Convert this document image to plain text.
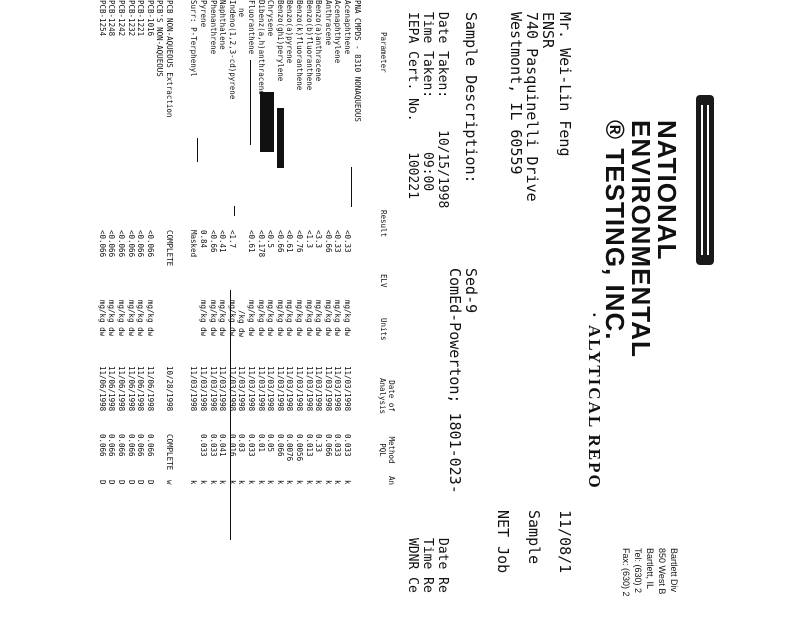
NATIONAL
ENVIRONMENTAL
® TESTING, INC.
Bartlett Div
850 West B
Bartlett, IL
Tel: (630) 2
Fax: (630) 2
· ALYTICAL REPO
Mr. Wei-Lin Feng
ENSR
740 Pasquinelli Drive
Westmont, IL 60559
11/08/1
Sample
NET Job
Sample Description:
Sed-9
ComEd-Powerton; 1801-023-
Date Taken:
10/15/1998
Time Taken:
09:00
IEPA Cert. No.
100221
Date Re
Time Re
WDNR Ce
Parameter
Result
ELV
Units
Date of Analysis
Method PQL
An
PNA CMPDS - 8310 NONAQUEOUS
Acenaphthene
Acenaphthylene
Anthracene
Benzo(a)anthracene
Benzo(b)fluoranthene
Benzo(k)fluoranthene
Benzo(a)pyrene
Benzo(ghi)perylene
Chrysene
Dibenz(a,h)anthracene
Fluoranthene
ne
Indeno(1,2,3-cd)pyrene
Naphthalene
Phenanthrene
Pyrene
Surr: P-Terphenyl
<0.33
<0.33
<0.66
<3.3
<1.3
<0.76
<0.61
<0.66
<0.5
<0.178
<0.61
<1.7
<0.41
<0.66
0.84
Masked
mg/kg dw
mg/kg dw
mg/kg dw
mg/kg dw
mg/kg dw
mg/kg dw
mg/kg dw
mg/kg dw
mg/kg dw
mg/kg dw
mg/kg dw
/kg dw
mg/kg dw
mg/kg dw
mg/kg dw
mg/kg dw
11/03/1998
11/03/1998
11/03/1998
11/03/1998
11/03/1998
11/03/1998
11/03/1998
11/03/1998
11/03/1998
11/03/1998
11/03/1998
11/03/1998
11/03/1998
11/03/1998
11/03/1998
11/03/1998
11/03/1998
0.033
0.033
0.066
0.33
0.013
0.0056
0.0076
0.066
0.05
0.01
0.033
0.03
0.016
0.041
0.033
0.033
k
k
k
k
k
k
k
k
k
k
k
k
k
k
k
k
k
PCB NON-AQUEOUS Extraction
PCB'S NON-AQUEOUS
PCB-1016
PCB-1221
PCB-1232
PCB-1242
PCB-1248
PCB-1254
COMPLETE
<0.066
<0.066
<0.066
<0.066
<0.066
<0.066
mg/kg dw
mg/kg dw
mg/kg dw
mg/kg dw
mg/kg dw
mg/kg dw
10/28/1998
11/06/1998
11/06/1998
11/06/1998
11/06/1998
11/06/1998
11/06/1998
COMPLETE
0.066
0.066
0.066
0.066
0.066
0.066
w
D
D
D
D
D
D
